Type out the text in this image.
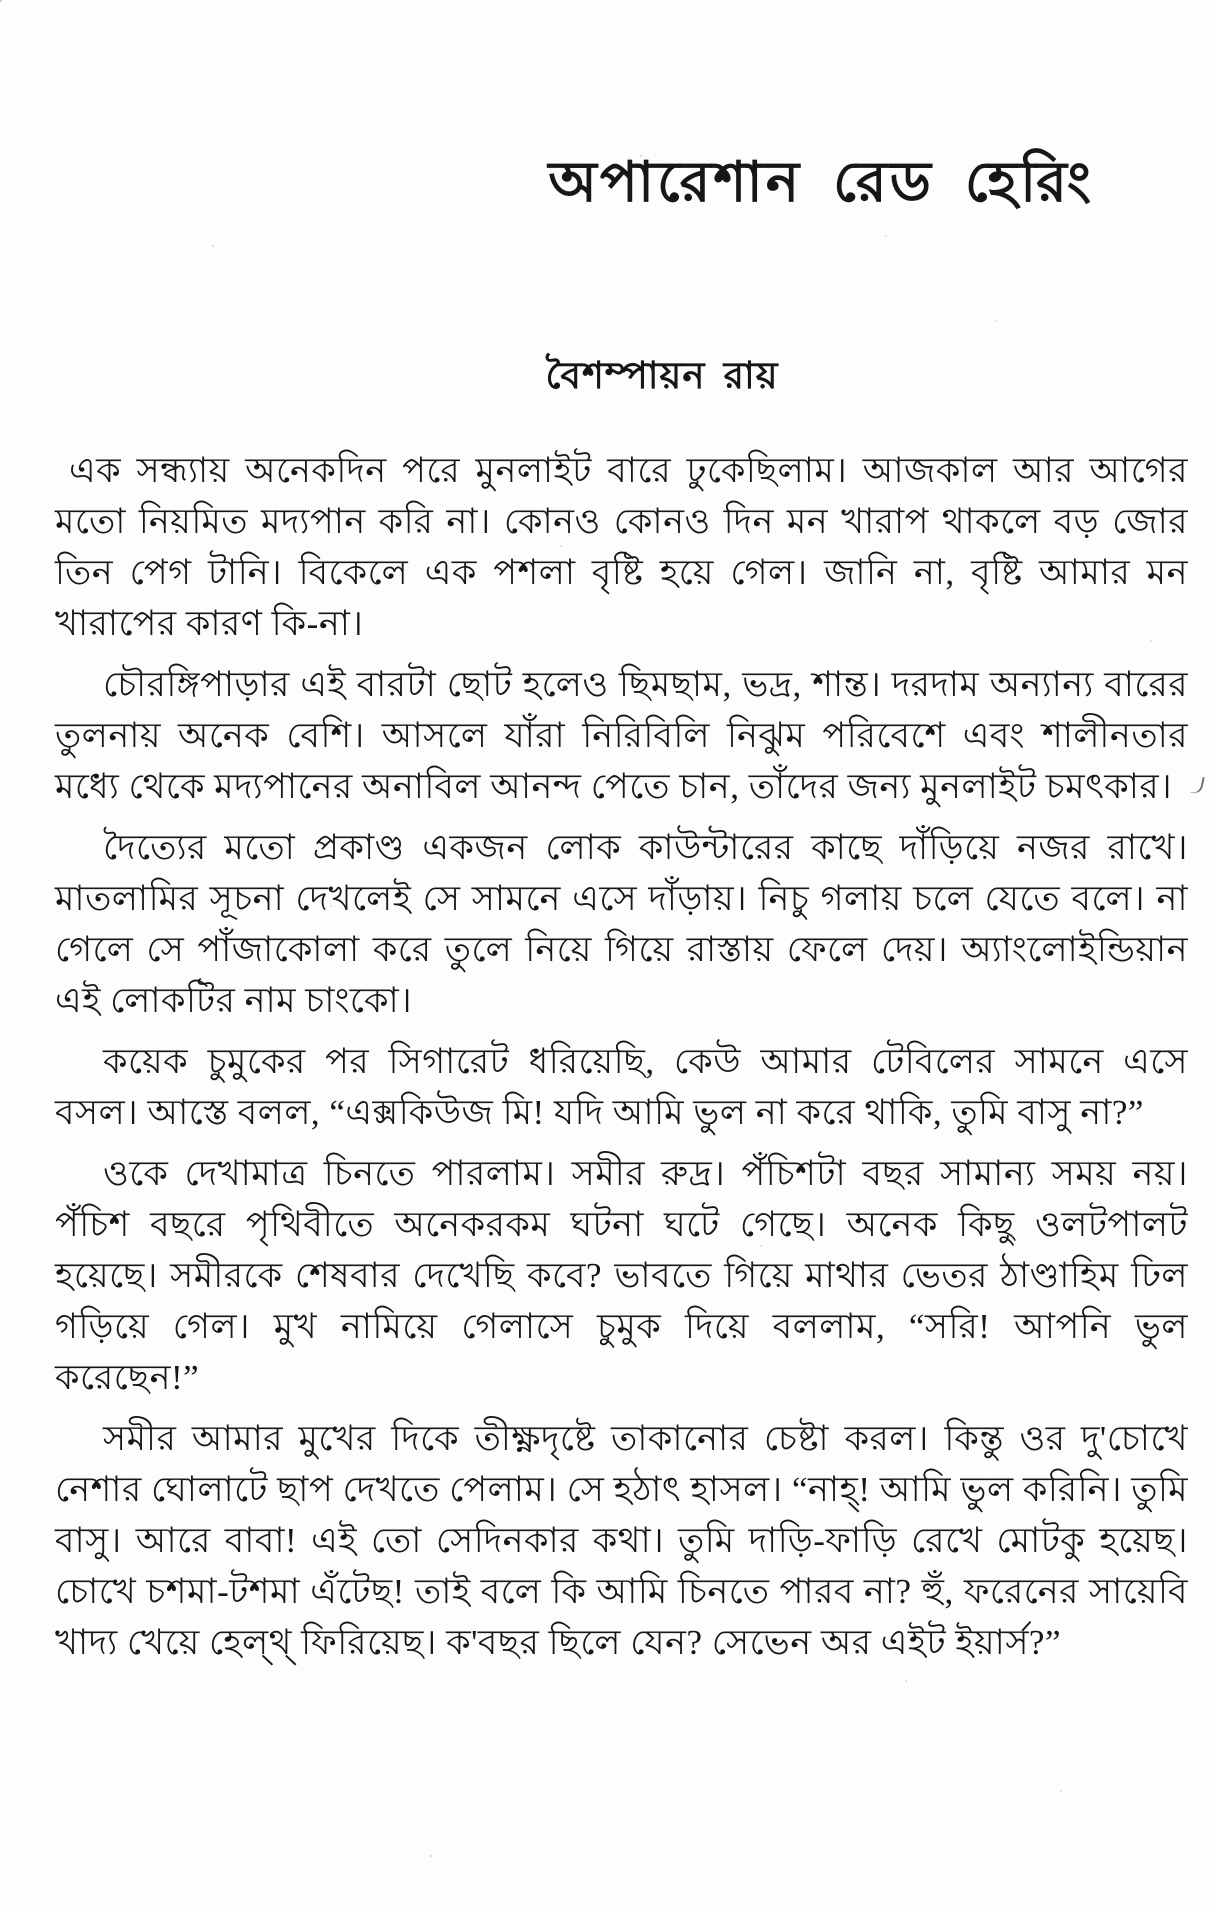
অপারেশান রেড হেরিং
বৈশম্পায়ন রায়

এক সন্ধ্যায় অনেকদিন পরে মুনলাইট বারে ঢুকেছিলাম। আজকাল আর আগের মতো নিয়মিত মদ্যপান করি না। কোনও কোনও দিন মন খারাপ থাকলে বড় জোর তিন পেগ টানি। বিকেলে এক পশলা বৃষ্টি হয়ে গেল। জানি না, বৃষ্টি আমার মন খারাপের কারণ কি-না।

চৌরঙ্গিপাড়ার এই বারটা ছোট হলেও ছিমছাম, ভদ্র, শান্ত। দরদাম অন্যান্য বারের তুলনায় অনেক বেশি। আসলে যাঁরা নিরিবিলি নিঝুম পরিবেশে এবং শালীনতার মধ্যে থেকে মদ্যপানের অনাবিল আনন্দ পেতে চান, তাঁদের জন্য মুনলাইট চমৎকার।

দৈত্যের মতো প্রকাণ্ড একজন লোক কাউন্টারের কাছে দাঁড়িয়ে নজর রাখে। মাতলামির সূচনা দেখলেই সে সামনে এসে দাঁড়ায়। নিচু গলায় চলে যেতে বলে। না গেলে সে পাঁজাকোলা করে তুলে নিয়ে গিয়ে রাস্তায় ফেলে দেয়। অ্যাংলোইন্ডিয়ান এই লোকটির নাম চাংকো।

কয়েক চুমুকের পর সিগারেট ধরিয়েছি, কেউ আমার টেবিলের সামনে এসে বসল। আস্তে বলল, “এক্সকিউজ মি! যদি আমি ভুল না করে থাকি, তুমি বাসু না?”

ওকে দেখামাত্র চিনতে পারলাম। সমীর রুদ্র। পঁচিশটা বছর সামান্য সময় নয়। পঁচিশ বছরে পৃথিবীতে অনেকরকম ঘটনা ঘটে গেছে। অনেক কিছু ওলটপালট হয়েছে। সমীরকে শেষবার দেখেছি কবে? ভাবতে গিয়ে মাথার ভেতর ঠাণ্ডাহিম ঢিল গড়িয়ে গেল। মুখ নামিয়ে গেলাসে চুমুক দিয়ে বললাম, “সরি! আপনি ভুল করেছেন!”

সমীর আমার মুখের দিকে তীক্ষ্ণদৃষ্টে তাকানোর চেষ্টা করল। কিন্তু ওর দু'চোখে নেশার ঘোলাটে ছাপ দেখতে পেলাম। সে হঠাৎ হাসল। “নাহ্! আমি ভুল করিনি। তুমি বাসু। আরে বাবা! এই তো সেদিনকার কথা। তুমি দাড়ি-ফাড়ি রেখে মোটকু হয়েছ। চোখে চশমা-টশমা এঁটেছ! তাই বলে কি আমি চিনতে পারব না? হুঁ, ফরেনের সায়েবি খাদ্য খেয়ে হেল্থ্ ফিরিয়েছ। ক'বছর ছিলে যেন? সেভেন অর এইট ইয়ার্স?”
